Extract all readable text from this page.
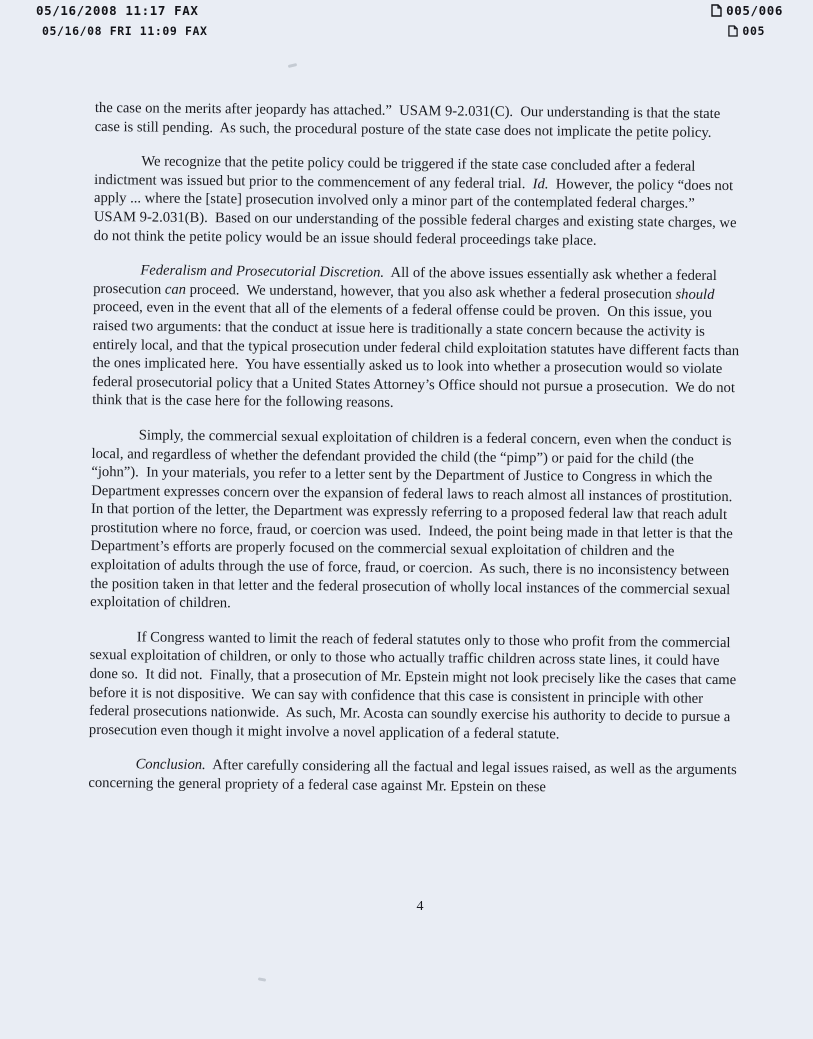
05/16/2008 11:17 FAX	005/006
05/16/08 FRI 11:09 FAX	005
the case on the merits after jeopardy has attached.”  USAM 9-2.031(C).  Our understanding is that the state case is still pending.  As such, the procedural posture of the state case does not implicate the petite policy.
We recognize that the petite policy could be triggered if the state case concluded after a federal indictment was issued but prior to the commencement of any federal trial.  Id.  However, the policy “does not apply ... where the [state] prosecution involved only a minor part of the contemplated federal charges.”  USAM 9-2.031(B).  Based on our understanding of the possible federal charges and existing state charges, we do not think the petite policy would be an issue should federal proceedings take place.
Federalism and Prosecutorial Discretion.  All of the above issues essentially ask whether a federal prosecution can proceed.  We understand, however, that you also ask whether a federal prosecution should proceed, even in the event that all of the elements of a federal offense could be proven.  On this issue, you raised two arguments: that the conduct at issue here is traditionally a state concern because the activity is entirely local, and that the typical prosecution under federal child exploitation statutes have different facts than the ones implicated here.  You have essentially asked us to look into whether a prosecution would so violate federal prosecutorial policy that a United States Attorney’s Office should not pursue a prosecution.  We do not think that is the case here for the following reasons.
Simply, the commercial sexual exploitation of children is a federal concern, even when the conduct is local, and regardless of whether the defendant provided the child (the “pimp”) or paid for the child (the “john”).  In your materials, you refer to a letter sent by the Department of Justice to Congress in which the Department expresses concern over the expansion of federal laws to reach almost all instances of prostitution.  In that portion of the letter, the Department was expressly referring to a proposed federal law that reach adult prostitution where no force, fraud, or coercion was used.  Indeed, the point being made in that letter is that the Department’s efforts are properly focused on the commercial sexual exploitation of children and the exploitation of adults through the use of force, fraud, or coercion.  As such, there is no inconsistency between the position taken in that letter and the federal prosecution of wholly local instances of the commercial sexual exploitation of children.
If Congress wanted to limit the reach of federal statutes only to those who profit from the commercial sexual exploitation of children, or only to those who actually traffic children across state lines, it could have done so.  It did not.  Finally, that a prosecution of Mr. Epstein might not look precisely like the cases that came before it is not dispositive.  We can say with confidence that this case is consistent in principle with other federal prosecutions nationwide.  As such, Mr. Acosta can soundly exercise his authority to decide to pursue a prosecution even though it might involve a novel application of a federal statute.
Conclusion.  After carefully considering all the factual and legal issues raised, as well as the arguments concerning the general propriety of a federal case against Mr. Epstein on these
4
